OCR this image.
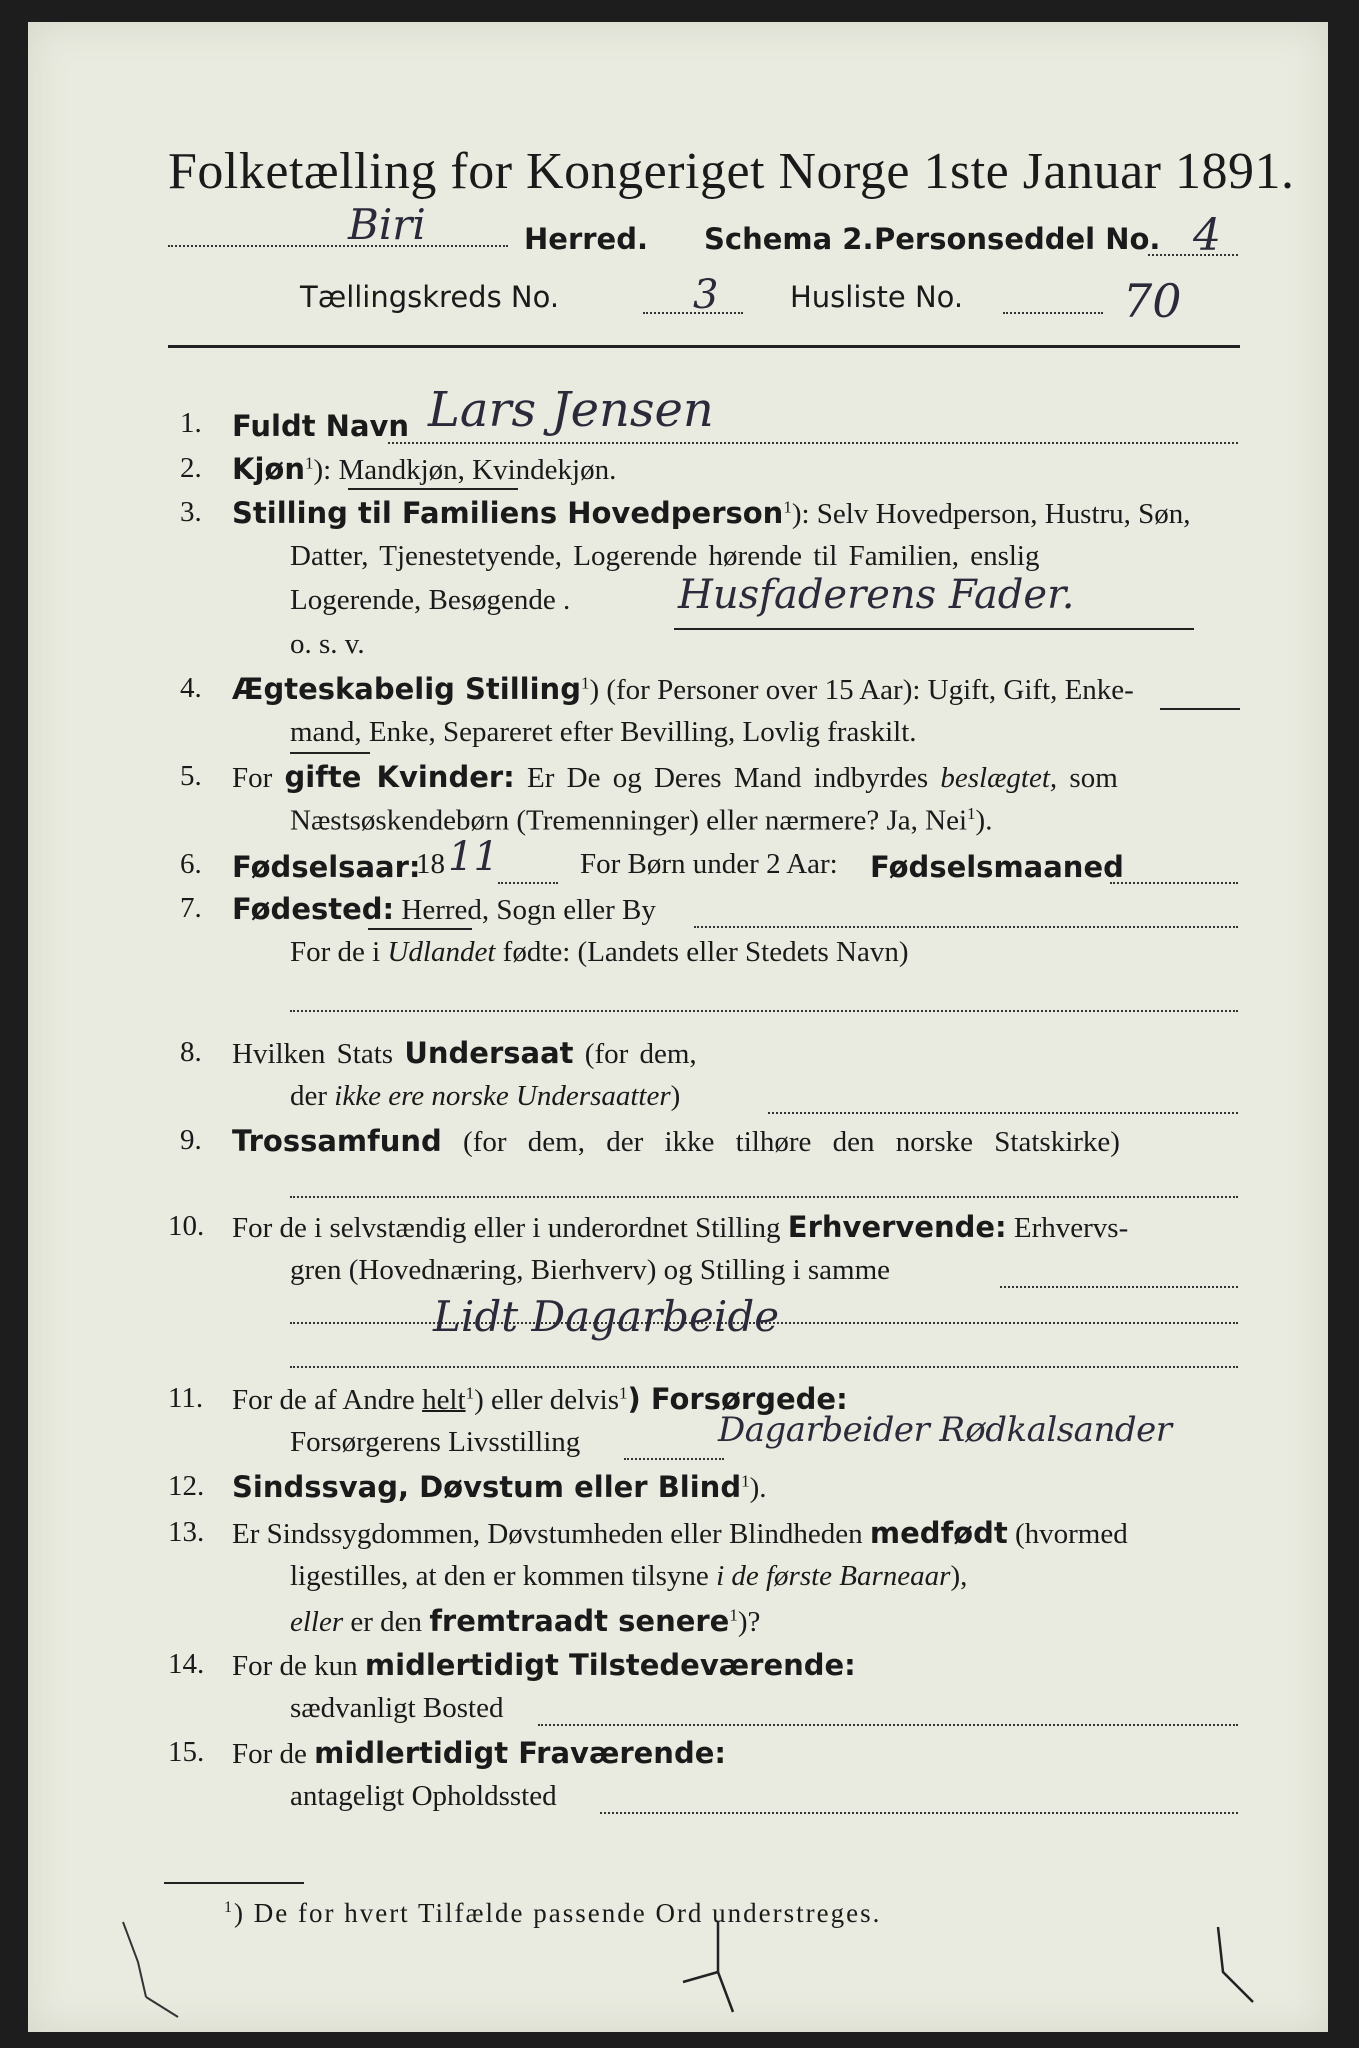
Folketælling for Kongeriget Norge 1ste Januar 1891.
Biri	Herred. Schema 2. Personseddel No. 4
Tællingskreds No.	3 Husliste No.	70
1. Fuldt Navn Lars Jensen
2. Kjøn$^1$): Mandkjøn, Kvindekjøn.
3. Stilling til Familiens Hovedperson$^1$): Selv Hovedperson, Hustru, Søn,
Datter, Tjenestetyende, Logerende hørende til Familien, enslig
Logerende, Besøgende .	Husfaderens Fader.
o. s. v.
4. Ægteskabelig Stilling$^1$) (for Personer over 15 Aar): Ugift, Gift, Enke-
mand, Enke, Separeret efter Bevilling, Lovlig fraskilt.
5. For gifte Kvinder: Er De og Deres Mand indbyrdes beslægtet, som
Næstsøskendebørn (Tremenninger) eller nærmere? Ja, Nei$^1$).
6. Fødselsaar:
18 11	For Børn under 2 Aar: Fødselsmaaned
7. Fødested: Herred, Sogn eller By
For de i Udlandet fødte: (Landets eller Stedets Navn)
8. Hvilken Stats Undersaat (for dem,
der ikke ere norske Undersaatter)
9. Trossamfund (for dem, der ikke tilhøre den norske Statskirke)
10. For de i selvstændig eller i underordnet Stilling Erhvervende: Erhvervs-
gren (Hovednæring, Bierhverv) og Stilling i samme
Lidt Dagarbeide
11. For de af Andre helt$^1$) eller delvis$^1$) Forsørgede:
Forsørgerens Livsstilling	Dagarbeider Rødkalsander
12. Sindssvag, Døvstum eller Blind$^1$).
13. Er Sindssygdommen, Døvstumheden eller Blindheden medfødt (hvormed
ligestilles, at den er kommen tilsyne i de første Barneaar),
eller er den fremtraadt senere$^1$)?
14. For de kun midlertidigt Tilstedeværende:
sædvanligt Bosted
15. For de midlertidigt Fraværende:
antageligt Opholdssted
$^1$) De for hvert Tilfælde passende Ord understreges.
